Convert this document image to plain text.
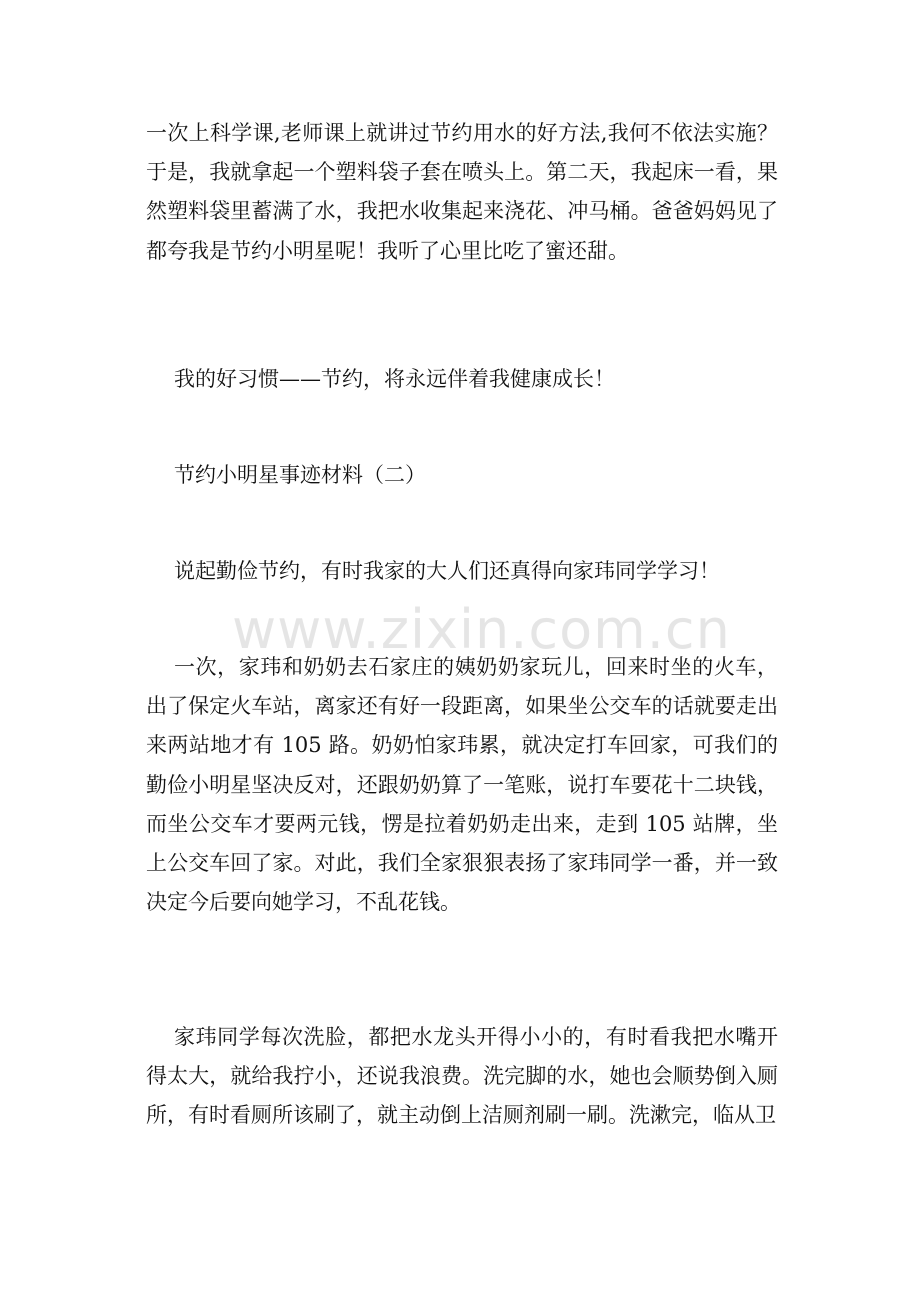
一次上科学课,老师课上就讲过节约用水的好方法,我何不依法实施？于是，我就拿起一个塑料袋子套在喷头上。第二天，我起床一看，果然塑料袋里蓄满了水，我把水收集起来浇花、冲马桶。爸爸妈妈见了都夸我是节约小明星呢！我听了心里比吃了蜜还甜。

我的好习惯——节约，将永远伴着我健康成长！

节约小明星事迹材料（二）

说起勤俭节约，有时我家的大人们还真得向家玮同学学习！

一次，家玮和奶奶去石家庄的姨奶奶家玩儿，回来时坐的火车，出了保定火车站，离家还有好一段距离，如果坐公交车的话就要走出来两站地才有 105 路。奶奶怕家玮累，就决定打车回家，可我们的勤俭小明星坚决反对，还跟奶奶算了一笔账，说打车要花十二块钱，而坐公交车才要两元钱，愣是拉着奶奶走出来，走到 105 站牌，坐上公交车回了家。对此，我们全家狠狠表扬了家玮同学一番，并一致决定今后要向她学习，不乱花钱。

家玮同学每次洗脸，都把水龙头开得小小的，有时看我把水嘴开得太大，就给我拧小，还说我浪费。洗完脚的水，她也会顺势倒入厕所，有时看厕所该刷了，就主动倒上洁厕剂刷一刷。洗漱完，临从卫

www.zixin.com.cn
